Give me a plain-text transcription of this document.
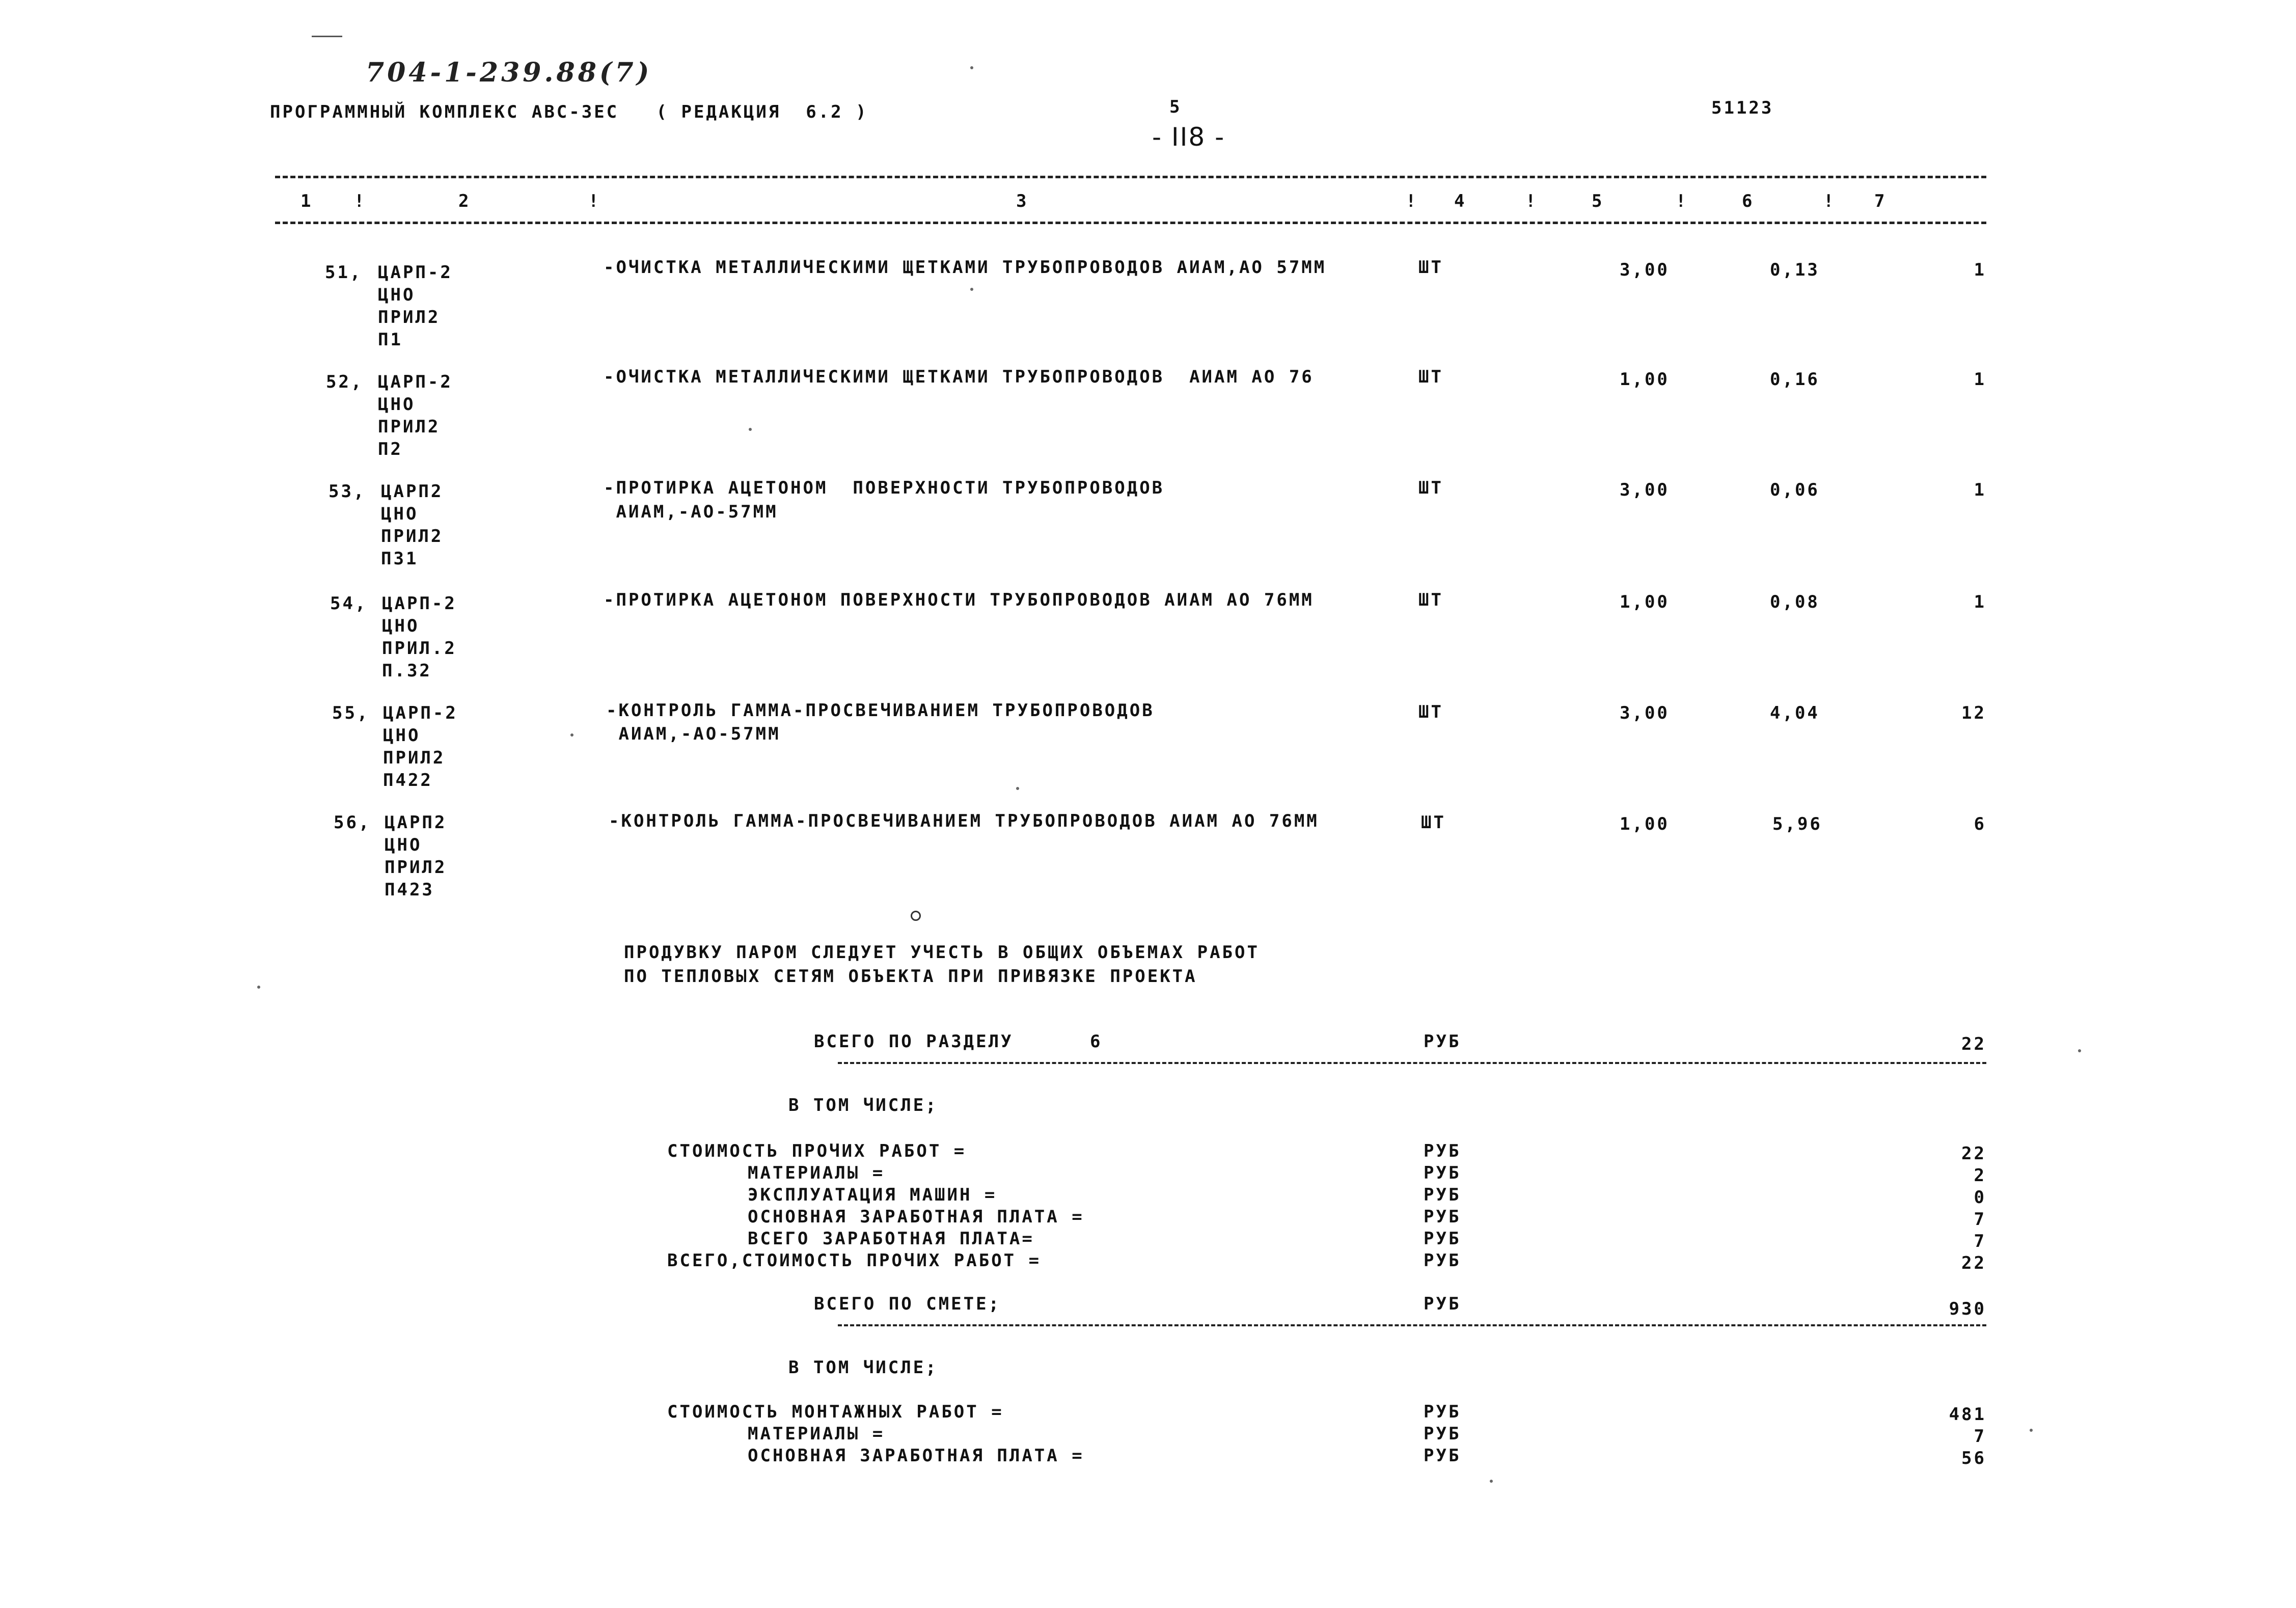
704-1-239.88(7)
ПРОГРАММНЫЙ КОМПЛЕКС АВС-3ЕС   ( РЕДАКЦИЯ  6.2 )	5	51123
- II8 -
1 !	2	!	3	! 4	!	5	!	6	! 7
51, ЦАРП-2
ЦНО
ПРИЛ2
П1
-ОЧИСТКА МЕТАЛЛИЧЕСКИМИ ЩЕТКАМИ ТРУБОПРОВОДОВ АИАМ,АО 57ММ	ШТ	3,00	0,13	1
52, ЦАРП-2
ЦНО
ПРИЛ2
П2
-ОЧИСТКА МЕТАЛЛИЧЕСКИМИ ЩЕТКАМИ ТРУБОПРОВОДОВ  АИАМ АО 76	ШТ	1,00	0,16	1
53, ЦАРП2
ЦНО
ПРИЛ2
П31
-ПРОТИРКА АЦЕТОНОМ  ПОВЕРХНОСТИ ТРУБОПРОВОДОВ
АИАМ,-АО-57ММ
ШТ	3,00	0,06	1
54, ЦАРП-2
ЦНО
ПРИЛ.2
П.32
-ПРОТИРКА АЦЕТОНОМ ПОВЕРХНОСТИ ТРУБОПРОВОДОВ АИАМ АО 76ММ	ШТ	1,00	0,08	1
55, ЦАРП-2
ЦНО
ПРИЛ2
П422
-КОНТРОЛЬ ГАММА-ПРОСВЕЧИВАНИЕМ ТРУБОПРОВОДОВ
АИАМ,-АО-57ММ
ШТ	3,00	4,04	12
56, ЦАРП2
ЦНО
ПРИЛ2
П423
-КОНТРОЛЬ ГАММА-ПРОСВЕЧИВАНИЕМ ТРУБОПРОВОДОВ АИАМ АО 76ММ	ШТ	1,00	5,96	6
ПРОДУВКУ ПАРОМ СЛЕДУЕТ УЧЕСТЬ В ОБЩИХ ОБЪЕМАХ РАБОТ
ПО ТЕПЛОВЫХ СЕТЯМ ОБЪЕКТА ПРИ ПРИВЯЗКЕ ПРОЕКТА
ВСЕГО ПО РАЗДЕЛУ	6	РУБ	22
В ТОМ ЧИСЛЕ;
СТОИМОСТЬ ПРОЧИХ РАБОТ =	РУБ	22
МАТЕРИАЛЫ =	РУБ	2
ЭКСПЛУАТАЦИЯ МАШИН =	РУБ	0
ОСНОВНАЯ ЗАРАБОТНАЯ ПЛАТА =	РУБ	7
ВСЕГО ЗАРАБОТНАЯ ПЛАТА=	РУБ	7
ВСЕГО,СТОИМОСТЬ ПРОЧИХ РАБОТ =	РУБ	22
ВСЕГО ПО СМЕТЕ;	РУБ	930
В ТОМ ЧИСЛЕ;
СТОИМОСТЬ МОНТАЖНЫХ РАБОТ =	РУБ	481
МАТЕРИАЛЫ =	РУБ	7
ОСНОВНАЯ ЗАРАБОТНАЯ ПЛАТА =	РУБ	56
